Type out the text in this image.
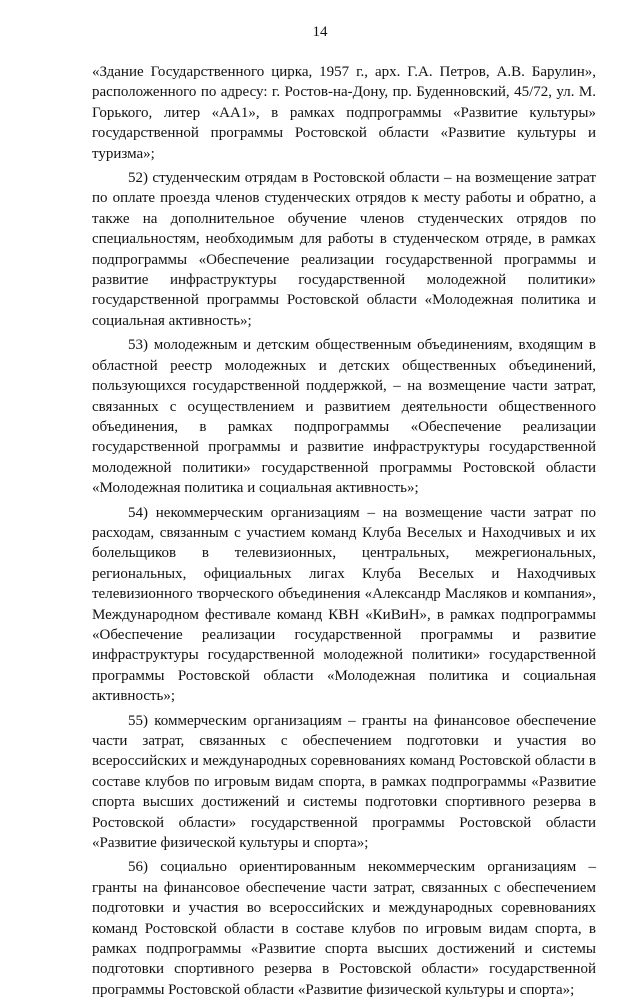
14

«Здание Государственного цирка, 1957 г., арх. Г.А. Петров, А.В. Барулин», расположенного по адресу: г. Ростов-на-Дону, пр. Буденновский, 45/72, ул. М. Горького, литер «АА1», в рамках подпрограммы «Развитие культуры» государственной программы Ростовской области «Развитие культуры и туризма»;

52) студенческим отрядам в Ростовской области – на возмещение затрат по оплате проезда членов студенческих отрядов к месту работы и обратно, а также на дополнительное обучение членов студенческих отрядов по специальностям, необходимым для работы в студенческом отряде, в рамках подпрограммы «Обеспечение реализации государственной программы и развитие инфраструктуры государственной молодежной политики» государственной программы Ростовской области «Молодежная политика и социальная активность»;

53) молодежным и детским общественным объединениям, входящим в областной реестр молодежных и детских общественных объединений, пользующихся государственной поддержкой, – на возмещение части затрат, связанных с осуществлением и развитием деятельности общественного объединения, в рамках подпрограммы «Обеспечение реализации государственной программы и развитие инфраструктуры государственной молодежной политики» государственной программы Ростовской области «Молодежная политика и социальная активность»;

54) некоммерческим организациям – на возмещение части затрат по расходам, связанным с участием команд Клуба Веселых и Находчивых и их болельщиков в телевизионных, центральных, межрегиональных, региональных, официальных лигах Клуба Веселых и Находчивых телевизионного творческого объединения «Александр Масляков и компания», Международном фестивале команд КВН «КиВиН», в рамках подпрограммы «Обеспечение реализации государственной программы и развитие инфраструктуры государственной молодежной политики» государственной программы Ростовской области «Молодежная политика и социальная активность»;

55) коммерческим организациям – гранты на финансовое обеспечение части затрат, связанных с обеспечением подготовки и участия во всероссийских и международных соревнованиях команд Ростовской области в составе клубов по игровым видам спорта, в рамках подпрограммы «Развитие спорта высших достижений и системы подготовки спортивного резерва в Ростовской области» государственной программы Ростовской области «Развитие физической культуры и спорта»;

56) социально ориентированным некоммерческим организациям – гранты на финансовое обеспечение части затрат, связанных с обеспечением подготовки и участия во всероссийских и международных соревнованиях команд Ростовской области в составе клубов по игровым видам спорта, в рамках подпрограммы «Развитие спорта высших достижений и системы подготовки спортивного резерва в Ростовской области» государственной программы Ростовской области «Развитие физической культуры и спорта»;
